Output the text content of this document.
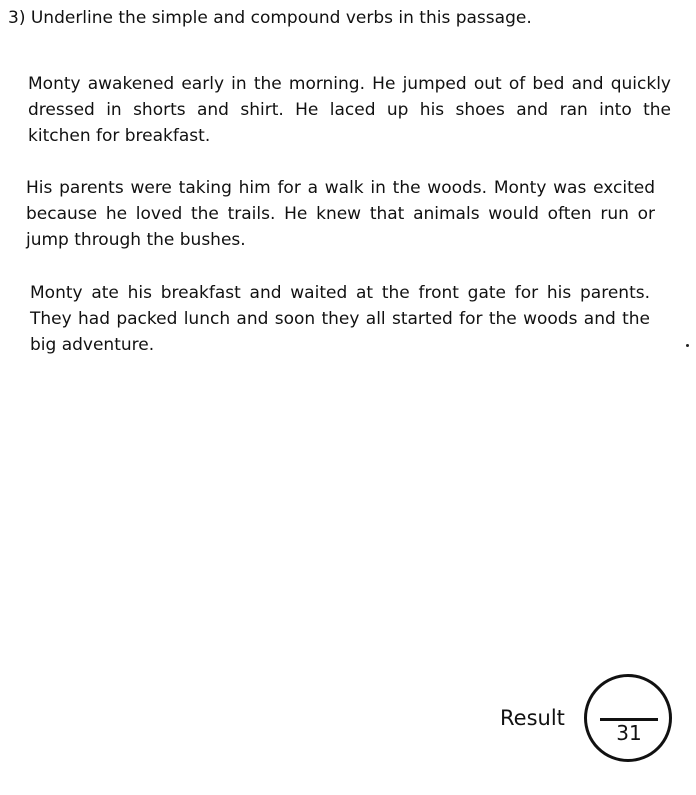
3) Underline the simple and compound verbs in this passage.
Monty awakened early in the morning. He jumped out of bed and quickly
dressed in shorts and shirt. He laced up his shoes and ran into the
kitchen for breakfast.
His parents were taking him for a walk in the woods. Monty was excited
because he loved the trails. He knew that animals would often run or
jump through the bushes.
Monty ate his breakfast and waited at the front gate for his parents.
They had packed lunch and soon they all started for the woods and the
big adventure.
Result
31
